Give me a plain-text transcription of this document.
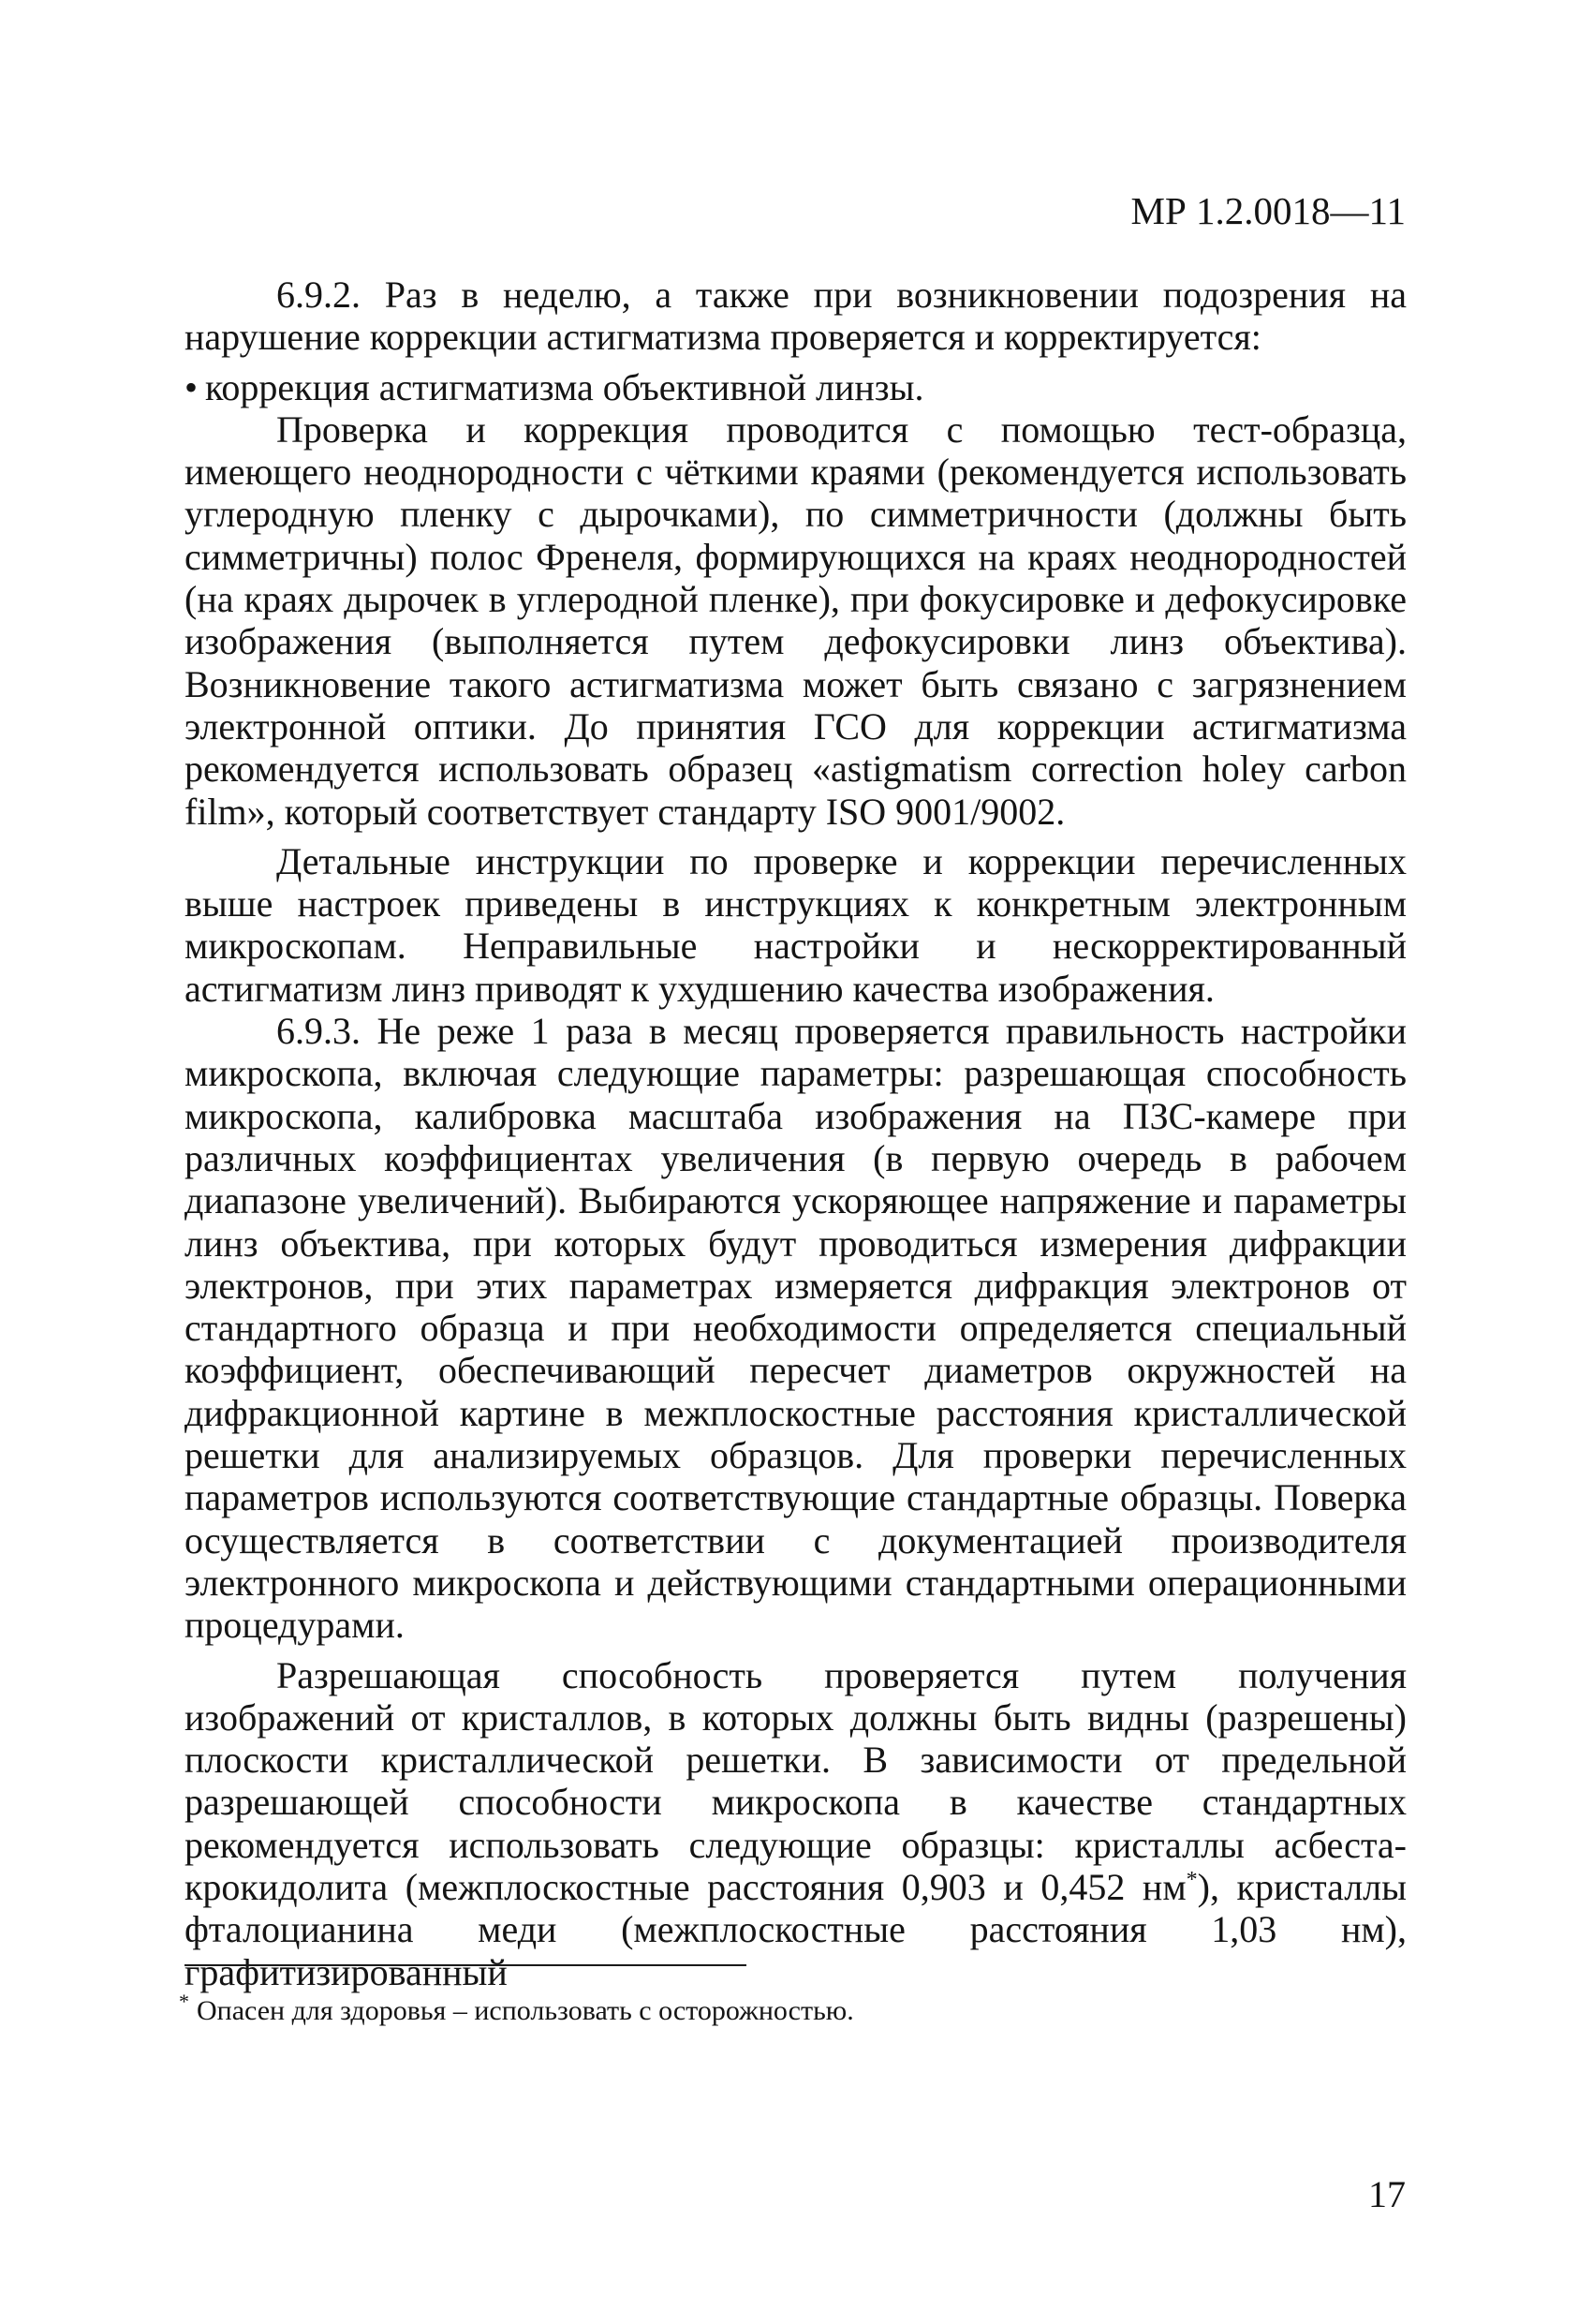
МР 1.2.0018—11

6.9.2. Раз в неделю, а также при возникновении подозрения на нарушение коррекции астигматизма проверяется и корректируется:

• коррекция астигматизма объективной линзы.

Проверка и коррекция проводится с помощью тест-образца, имеющего неоднородности с чёткими краями (рекомендуется использовать углеродную пленку с дырочками), по симметричности (должны быть симметричны) полос Френеля, формирующихся на краях неоднородностей (на краях дырочек в углеродной пленке), при фокусировке и дефокусировке изображения (выполняется путем дефокусировки линз объектива). Возникновение такого астигматизма может быть связано с загрязнением электронной оптики. До принятия ГСО для коррекции астигматизма рекомендуется использовать образец «astigmatism correction holey carbon film», который соответствует стандарту ISO 9001/9002.

Детальные инструкции по проверке и коррекции перечисленных выше настроек приведены в инструкциях к конкретным электронным микроскопам. Неправильные настройки и нескорректированный астигматизм линз приводят к ухудшению качества изображения.

6.9.3. Не реже 1 раза в месяц проверяется правильность настройки микроскопа, включая следующие параметры: разрешающая способность микроскопа, калибровка масштаба изображения на ПЗС-камере при различных коэффициентах увеличения (в первую очередь в рабочем диапазоне увеличений). Выбираются ускоряющее напряжение и параметры линз объектива, при которых будут проводиться измерения дифракции электронов, при этих параметрах измеряется дифракция электронов от стандартного образца и при необходимости определяется специальный коэффициент, обеспечивающий пересчет диаметров окружностей на дифракционной картине в межплоскостные расстояния кристаллической решетки для анализируемых образцов. Для проверки перечисленных параметров используются соответствующие стандартные образцы. Поверка осуществляется в соответствии с документацией производителя электронного микроскопа и действующими стандартными операционными процедурами.

Разрешающая способность проверяется путем получения изображений от кристаллов, в которых должны быть видны (разрешены) плоскости кристаллической решетки. В зависимости от предельной разрешающей способности микроскопа в качестве стандартных рекомендуется использовать следующие образцы: кристаллы асбеста-крокидолита (межплоскостные расстояния 0,903 и 0,452 нм*), кристаллы фталоцианина меди (межплоскостные расстояния 1,03 нм), графитизированный

* Опасен для здоровья – использовать с осторожностью.
17
